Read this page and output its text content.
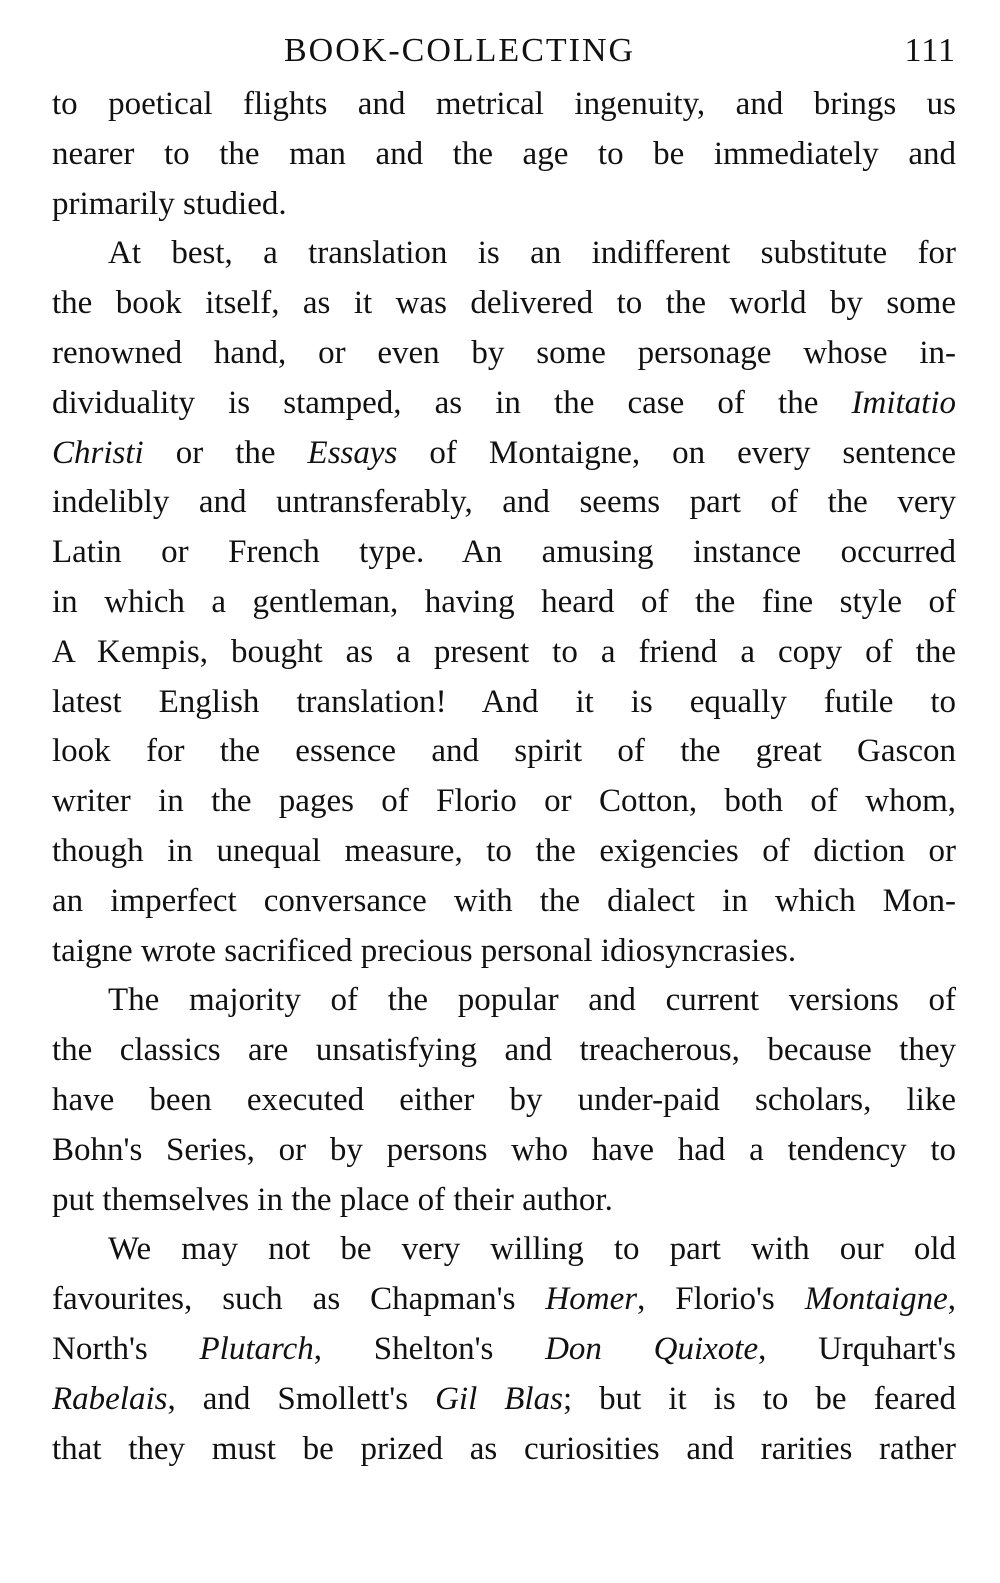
BOOK-COLLECTING	111
to poetical flights and metrical ingenuity, and brings us
nearer to the man and the age to be immediately and
primarily studied.
At best, a translation is an indifferent substitute for
the book itself, as it was delivered to the world by some
renowned hand, or even by some personage whose in-
dividuality is stamped, as in the case of the Imitatio
Christi or the Essays of Montaigne, on every sentence
indelibly and untransferably, and seems part of the very
Latin or French type. An amusing instance occurred
in which a gentleman, having heard of the fine style of
A Kempis, bought as a present to a friend a copy of the
latest English translation! And it is equally futile to
look for the essence and spirit of the great Gascon
writer in the pages of Florio or Cotton, both of whom,
though in unequal measure, to the exigencies of diction or
an imperfect conversance with the dialect in which Mon-
taigne wrote sacrificed precious personal idiosyncrasies.
The majority of the popular and current versions of
the classics are unsatisfying and treacherous, because they
have been executed either by under-paid scholars, like
Bohn's Series, or by persons who have had a tendency to
put themselves in the place of their author.
We may not be very willing to part with our old
favourites, such as Chapman's Homer, Florio's Montaigne,
North's Plutarch, Shelton's Don Quixote, Urquhart's
Rabelais, and Smollett's Gil Blas; but it is to be feared
that they must be prized as curiosities and rarities rather
